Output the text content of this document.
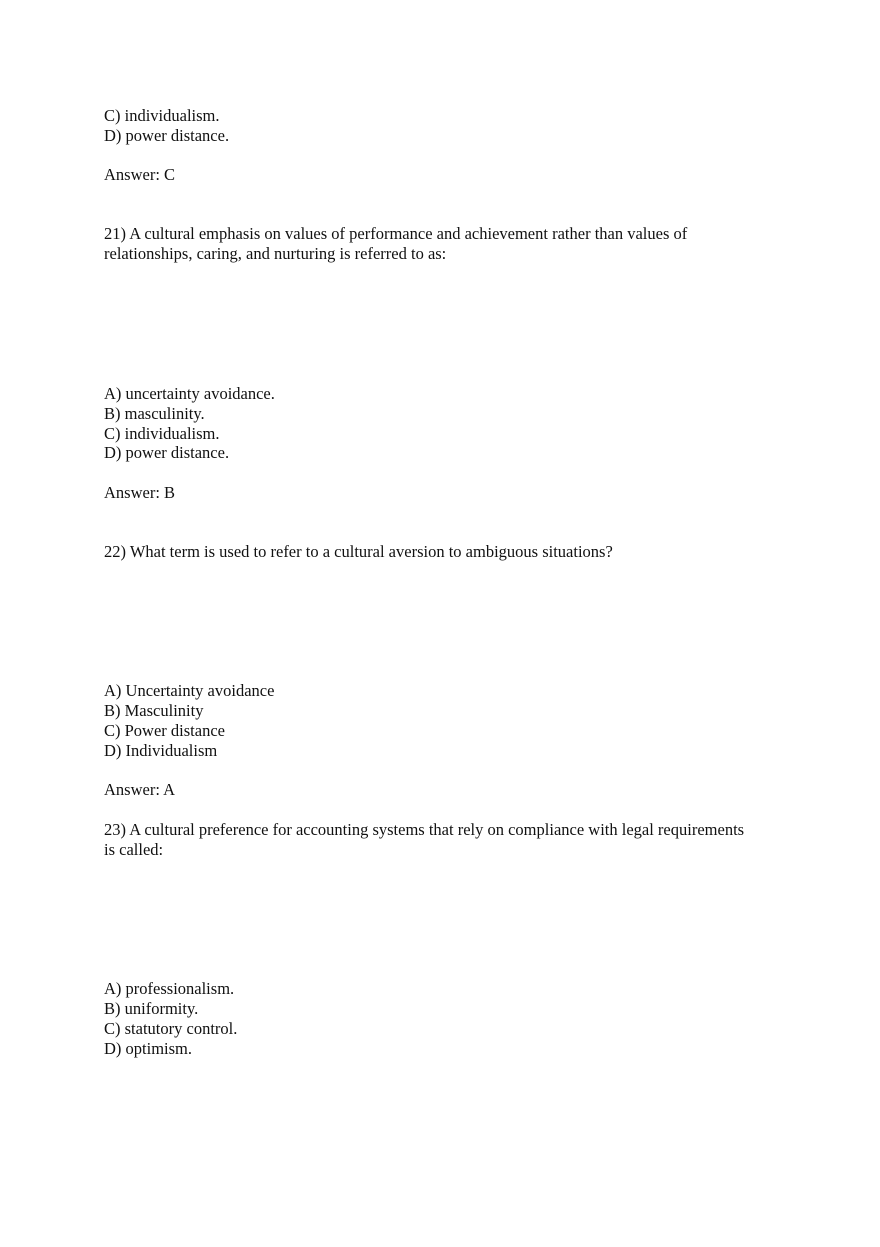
C) individualism.
D) power distance.
Answer: C
21) A cultural emphasis on values of performance and achievement rather than values of
relationships, caring, and nurturing is referred to as:
A) uncertainty avoidance.
B) masculinity.
C) individualism.
D) power distance.
Answer: B
22) What term is used to refer to a cultural aversion to ambiguous situations?
A) Uncertainty avoidance
B) Masculinity
C) Power distance
D) Individualism
Answer: A
23) A cultural preference for accounting systems that rely on compliance with legal requirements
is called:
A) professionalism.
B) uniformity.
C) statutory control.
D) optimism.
